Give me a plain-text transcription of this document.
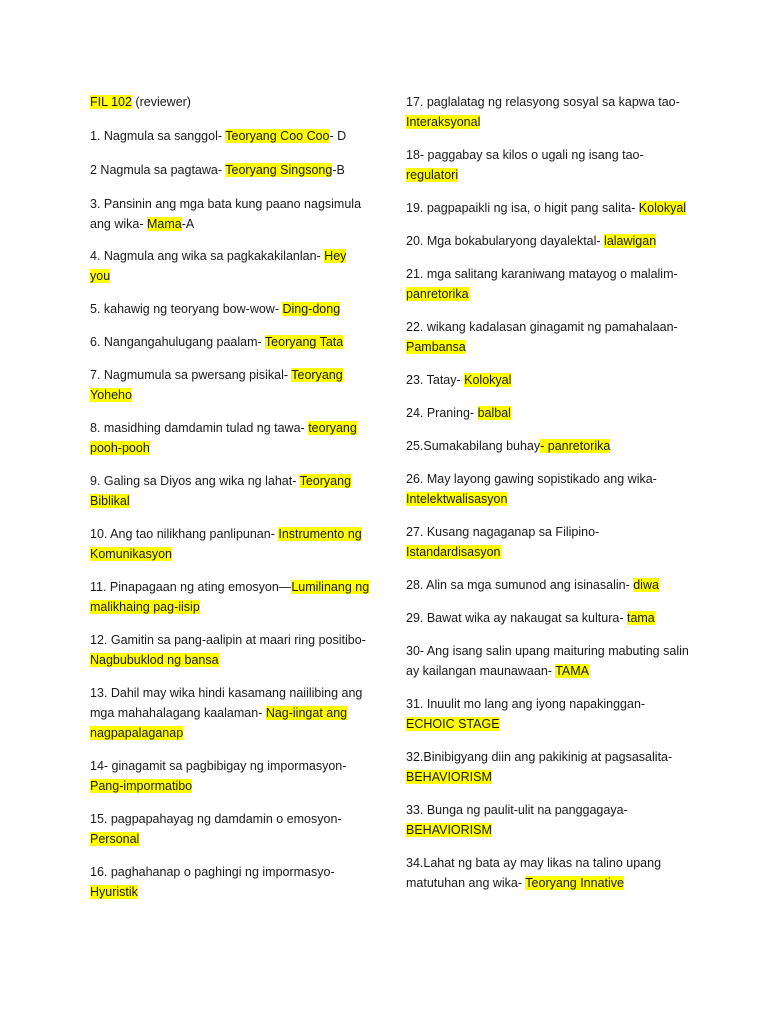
FIL 102 (reviewer)

1. Nagmula sa sanggol- Teoryang Coo Coo- D

2 Nagmula sa pagtawa- Teoryang Singsong-B

3. Pansinin ang mga bata kung paano nagsimula ang wika- Mama-A

4. Nagmula ang wika sa pagkakakilanlan- Hey you

5. kahawig ng teoryang bow-wow- Ding-dong

6. Nangangahulugang paalam- Teoryang Tata

7. Nagmumula sa pwersang pisikal- Teoryang Yoheho

8. masidhing damdamin tulad ng tawa- teoryang pooh-pooh

9. Galing sa Diyos ang wika ng lahat- Teoryang Biblikal

10. Ang tao nilikhang panlipunan- Instrumento ng Komunikasyon

11. Pinapagaan ng ating emosyon—Lumilinang ng malikhaing pag-iisip

12. Gamitin sa pang-aalipin at maari ring positibo- Nagbubuklod ng bansa

13. Dahil may wika hindi kasamang naiilibing ang mga mahahalagang kaalaman- Nag-iingat ang nagpapalaganap

14- ginagamit sa pagbibigay ng impormasyon- Pang-impormatibo

15. pagpapahayag ng damdamin o emosyon- Personal

16. paghahanap o paghingi ng impormasyo- Hyuristik

17. paglalatag ng relasyong sosyal sa kapwa tao- Interaksyonal

18- paggabay sa kilos o ugali ng isang tao- regulatori

19. pagpapaikli ng isa, o higit pang salita- Kolokyal

20. Mga bokabularyong dayalektal- lalawigan

21. mga salitang karaniwang matayog o malalim- panretorika

22. wikang kadalasan ginagamit ng pamahalaan- Pambansa

23. Tatay- Kolokyal

24. Praning- balbal

25.Sumakabilang buhay- panretorika

26. May layong gawing sopistikado ang wika- Intelektwalisasyon

27. Kusang nagaganap sa Filipino- Istandardisasyon

28. Alin sa mga sumunod ang isinasalin- diwa

29. Bawat wika ay nakaugat sa kultura- tama

30- Ang isang salin upang maituring mabuting salin ay kailangan maunawaan- TAMA

31. Inuulit mo lang ang iyong napakinggan- ECHOIC STAGE

32.Binibigyang diin ang pakikinig at pagsasalita- BEHAVIORISM

33. Bunga ng paulit-ulit na panggagaya- BEHAVIORISM

34.Lahat ng bata ay may likas na talino upang matutuhan ang wika- Teoryang Innative
